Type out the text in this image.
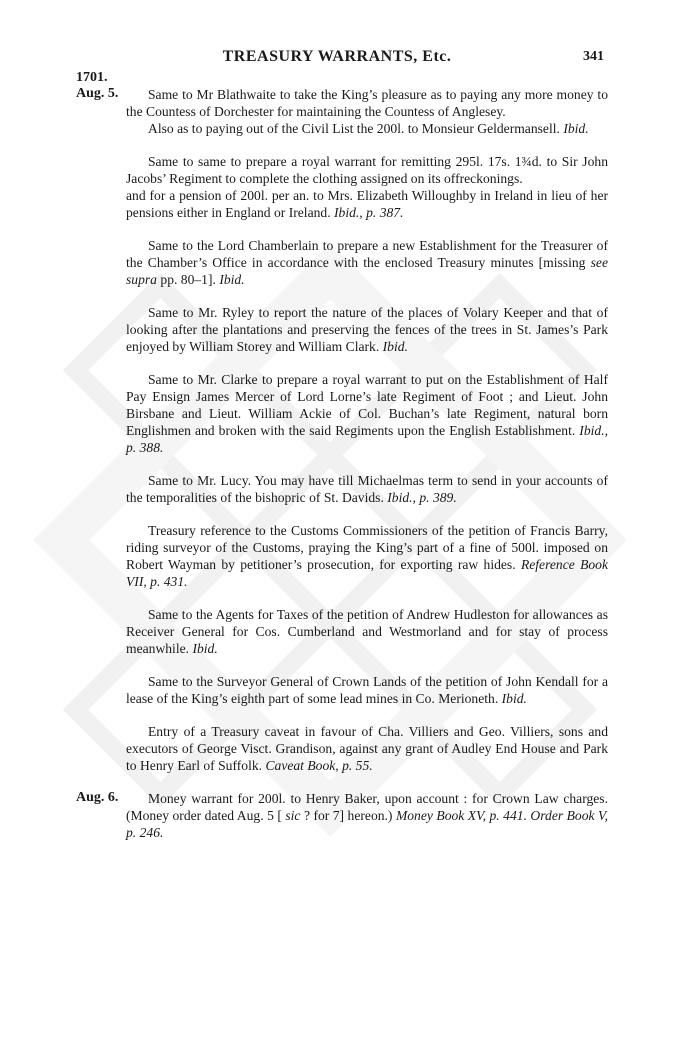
TREASURY WARRANTS, Etc.	341
1701.
Aug. 5.	Same to Mr Blathwaite to take the King’s pleasure as to paying any more money to the Countess of Dorchester for maintaining the Countess of Anglesey.

Also as to paying out of the Civil List the 200l. to Monsieur Geldermansell. Ibid.

Same to same to prepare a royal warrant for remitting 295l. 17s. 1¾d. to Sir John Jacobs’ Regiment to complete the clothing assigned on its offreckonings.

and for a pension of 200l. per an. to Mrs. Elizabeth Willoughby in Ireland in lieu of her pensions either in England or Ireland. Ibid., p. 387.

Same to the Lord Chamberlain to prepare a new Establishment for the Treasurer of the Chamber’s Office in accordance with the enclosed Treasury minutes [missing see supra pp. 80–1]. Ibid.

Same to Mr. Ryley to report the nature of the places of Volary Keeper and that of looking after the plantations and preserving the fences of the trees in St. James’s Park enjoyed by William Storey and William Clark. Ibid.

Same to Mr. Clarke to prepare a royal warrant to put on the Establishment of Half Pay Ensign James Mercer of Lord Lorne’s late Regiment of Foot ; and Lieut. John Birsbane and Lieut. William Ackie of Col. Buchan’s late Regiment, natural born Englishmen and broken with the said Regiments upon the English Establishment. Ibid., p. 388.

Same to Mr. Lucy. You may have till Michaelmas term to send in your accounts of the temporalities of the bishopric of St. Davids. Ibid., p. 389.

Treasury reference to the Customs Commissioners of the petition of Francis Barry, riding surveyor of the Customs, praying the King’s part of a fine of 500l. imposed on Robert Wayman by petitioner’s prosecution, for exporting raw hides. Reference Book VII, p. 431.

Same to the Agents for Taxes of the petition of Andrew Hudleston for allowances as Receiver General for Cos. Cumberland and Westmorland and for stay of process meanwhile. Ibid.

Same to the Surveyor General of Crown Lands of the petition of John Kendall for a lease of the King’s eighth part of some lead mines in Co. Merioneth. Ibid.

Entry of a Treasury caveat in favour of Cha. Villiers and Geo. Villiers, sons and executors of George Visct. Grandison, against any grant of Audley End House and Park to Henry Earl of Suffolk. Caveat Book, p. 55.

Aug. 6.	Money warrant for 200l. to Henry Baker, upon account : for Crown Law charges. (Money order dated Aug. 5 [ sic ? for 7] hereon.) Money Book XV, p. 441. Order Book V, p. 246.
